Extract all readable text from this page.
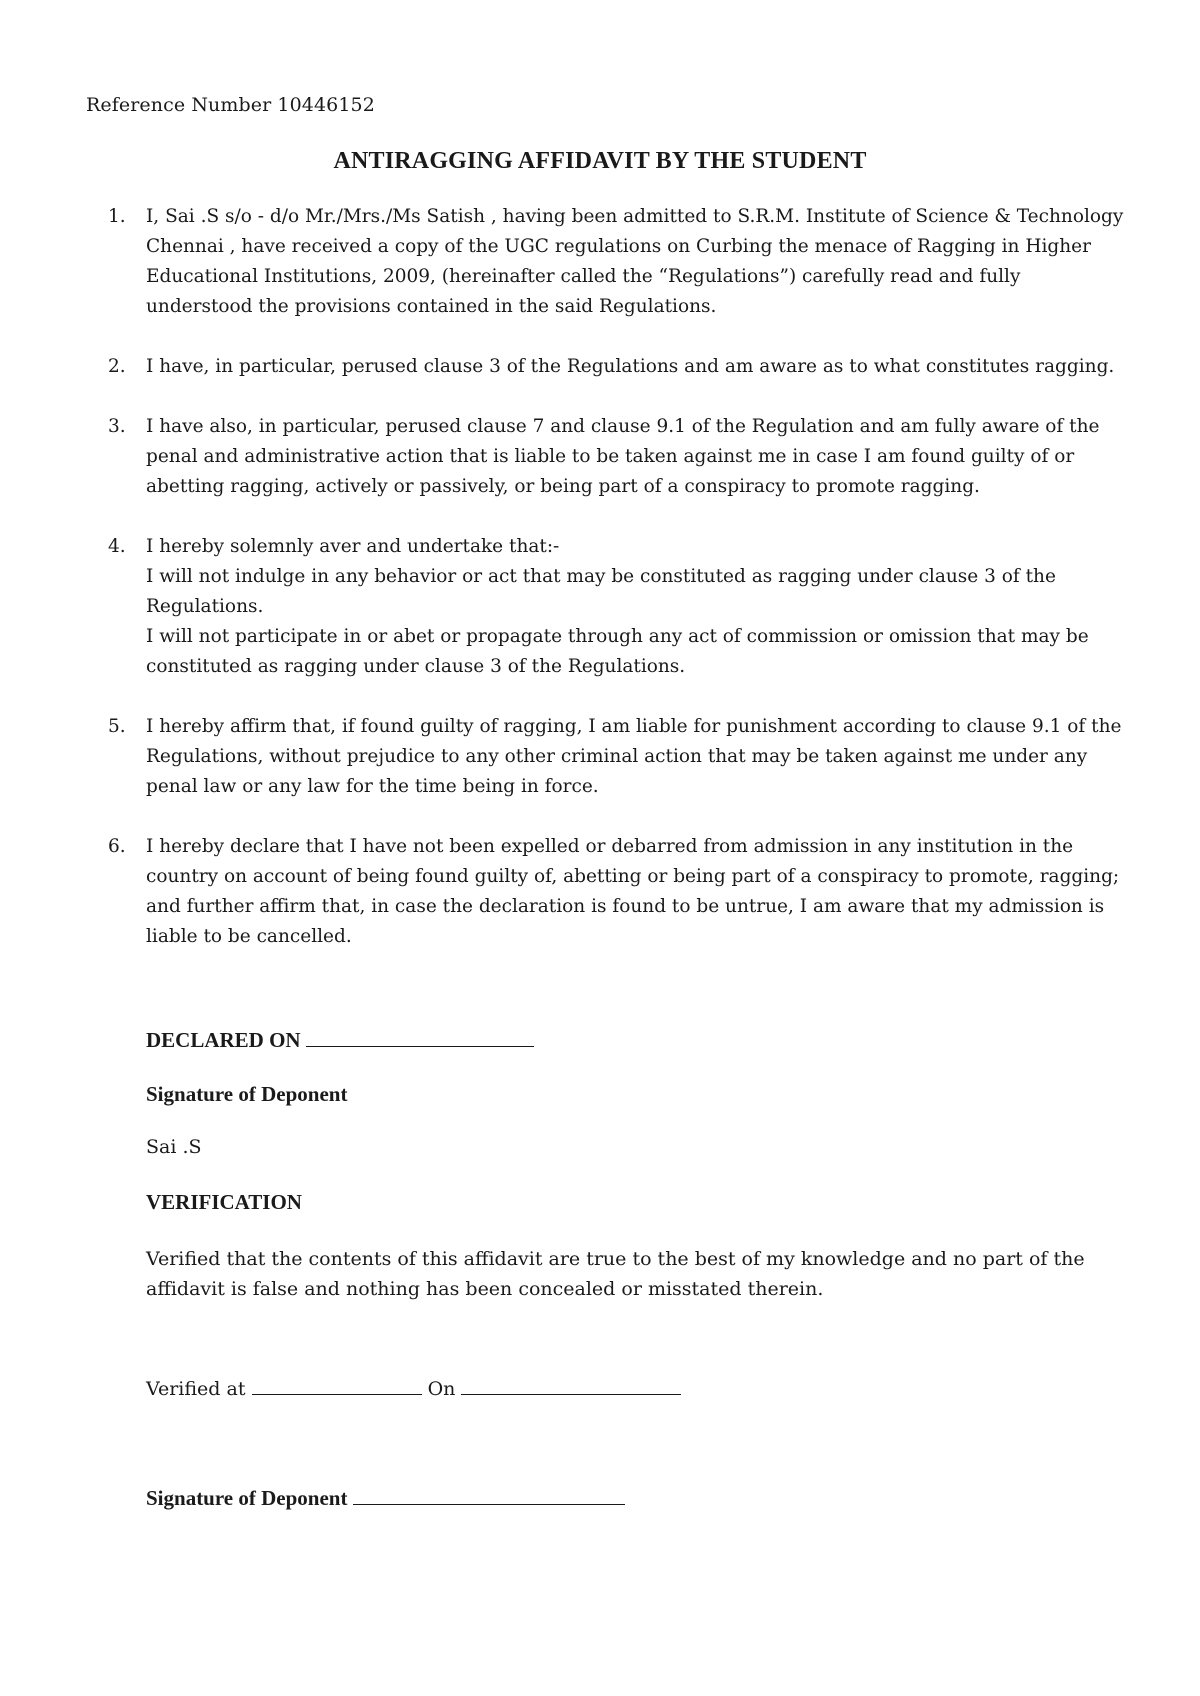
Reference Number 10446152
ANTIRAGGING AFFIDAVIT BY THE STUDENT
1. I, Sai .S s/o - d/o Mr./Mrs./Ms Satish , having been admitted to S.R.M. Institute of Science & Technology Chennai , have received a copy of the UGC regulations on Curbing the menace of Ragging in Higher Educational Institutions, 2009, (hereinafter called the “Regulations”) carefully read and fully understood the provisions contained in the said Regulations.

2. I have, in particular, perused clause 3 of the Regulations and am aware as to what constitutes ragging.

3. I have also, in particular, perused clause 7 and clause 9.1 of the Regulation and am fully aware of the penal and administrative action that is liable to be taken against me in case I am found guilty of or abetting ragging, actively or passively, or being part of a conspiracy to promote ragging.

4. I hereby solemnly aver and undertake that:-

I will not indulge in any behavior or act that may be constituted as ragging under clause 3 of the Regulations.

I will not participate in or abet or propagate through any act of commission or omission that may be constituted as ragging under clause 3 of the Regulations.

5. I hereby affirm that, if found guilty of ragging, I am liable for punishment according to clause 9.1 of the Regulations, without prejudice to any other criminal action that may be taken against me under any penal law or any law for the time being in force.

6. I hereby declare that I have not been expelled or debarred from admission in any institution in the country on account of being found guilty of, abetting or being part of a conspiracy to promote, ragging; and further affirm that, in case the declaration is found to be untrue, I am aware that my admission is liable to be cancelled.

DECLARED ON
Signature of Deponent
Sai .S
VERIFICATION
Verified that the contents of this affidavit are true to the best of my knowledge and no part of the affidavit is false and nothing has been concealed or misstated therein.
Verified at	On
Signature of Deponent
